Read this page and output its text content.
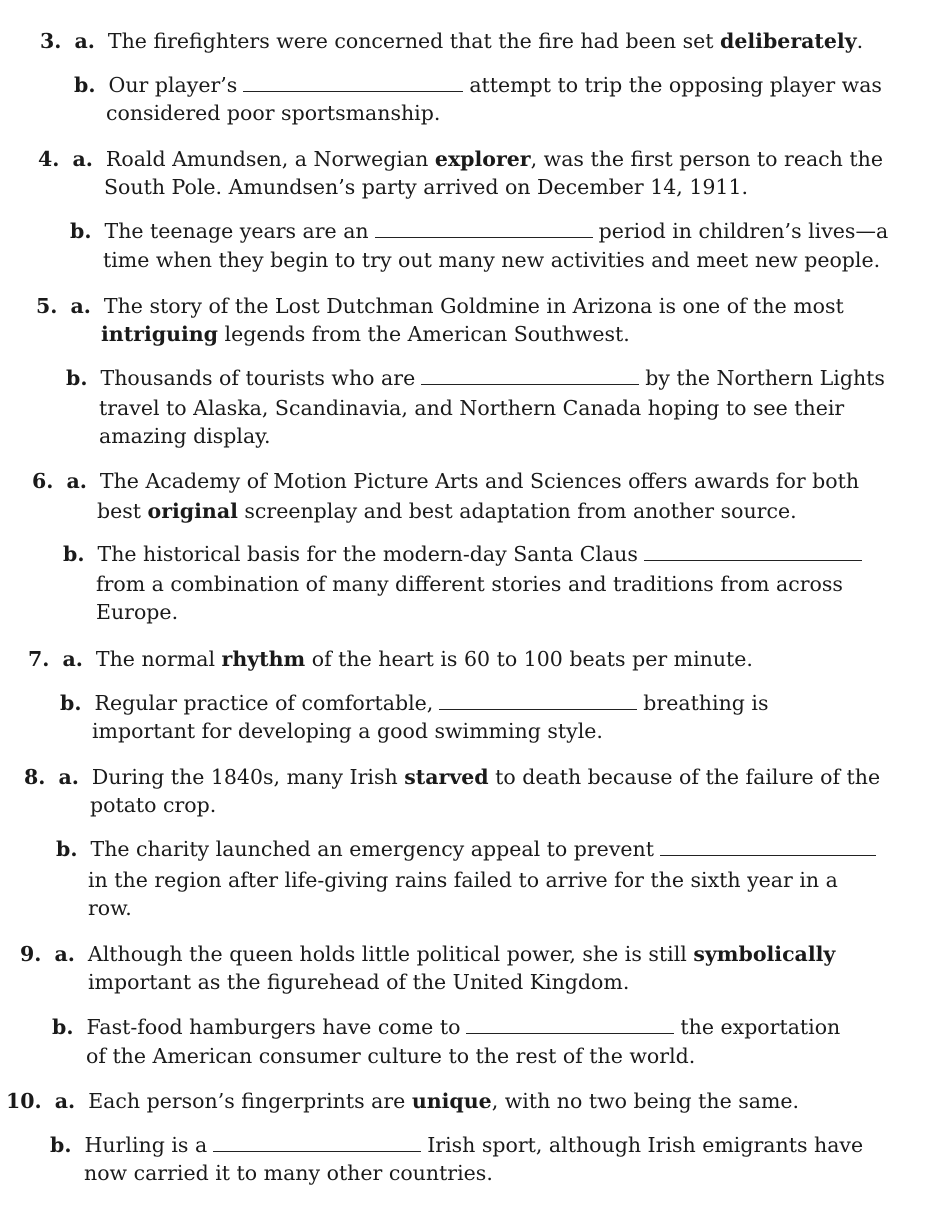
3. a. The firefighters were concerned that the fire had been set deliberately.
b. Our player’s	attempt to trip the opposing player was
considered poor sportsmanship.
4. a. Roald Amundsen, a Norwegian explorer, was the first person to reach the
South Pole. Amundsen’s party arrived on December 14, 1911.
b. The teenage years are an	period in children’s lives—a
time when they begin to try out many new activities and meet new people.
5. a. The story of the Lost Dutchman Goldmine in Arizona is one of the most
intriguing legends from the American Southwest.
b. Thousands of tourists who are	by the Northern Lights
travel to Alaska, Scandinavia, and Northern Canada hoping to see their
amazing display.
6. a. The Academy of Motion Picture Arts and Sciences offers awards for both
best original screenplay and best adaptation from another source.
b. The historical basis for the modern-day Santa Claus
from a combination of many different stories and traditions from across
Europe.
7. a. The normal rhythm of the heart is 60 to 100 beats per minute.
b. Regular practice of comfortable,	breathing is
important for developing a good swimming style.
8. a. During the 1840s, many Irish starved to death because of the failure of the
potato crop.
b. The charity launched an emergency appeal to prevent
in the region after life-giving rains failed to arrive for the sixth year in a
row.
9. a. Although the queen holds little political power, she is still symbolically
important as the figurehead of the United Kingdom.
b. Fast-food hamburgers have come to	the exportation
of the American consumer culture to the rest of the world.
10. a. Each person’s fingerprints are unique, with no two being the same.
b. Hurling is a	Irish sport, although Irish emigrants have
now carried it to many other countries.
